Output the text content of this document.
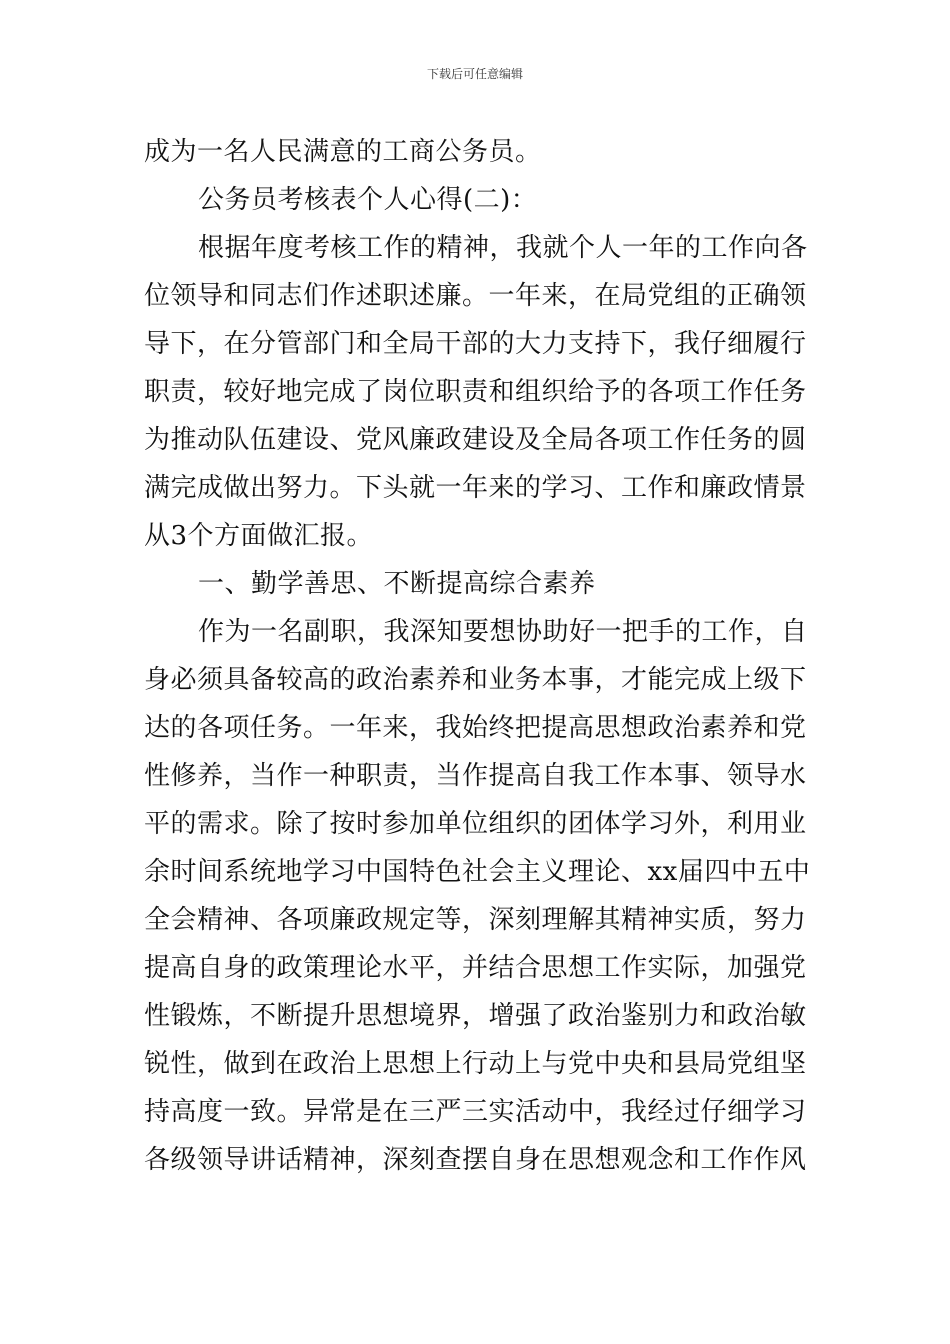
下载后可任意编辑
成为一名人民满意的工商公务员。
公务员考核表个人心得(二)：
根据年度考核工作的精神，我就个人一年的工作向各
位领导和同志们作述职述廉。一年来，在局党组的正确领
导下，在分管部门和全局干部的大力支持下，我仔细履行
职责，较好地完成了岗位职责和组织给予的各项工作任务
为推动队伍建设、党风廉政建设及全局各项工作任务的圆
满完成做出努力。下头就一年来的学习、工作和廉政情景
从3个方面做汇报。
一、勤学善思、不断提高综合素养
作为一名副职，我深知要想协助好一把手的工作，自
身必须具备较高的政治素养和业务本事，才能完成上级下
达的各项任务。一年来，我始终把提高思想政治素养和党
性修养，当作一种职责，当作提高自我工作本事、领导水
平的需求。除了按时参加单位组织的团体学习外，利用业
余时间系统地学习中国特色社会主义理论、xx届四中五中
全会精神、各项廉政规定等，深刻理解其精神实质，努力
提高自身的政策理论水平，并结合思想工作实际，加强党
性锻炼，不断提升思想境界，增强了政治鉴别力和政治敏
锐性，做到在政治上思想上行动上与党中央和县局党组坚
持高度一致。异常是在三严三实活动中，我经过仔细学习
各级领导讲话精神，深刻查摆自身在思想观念和工作作风
